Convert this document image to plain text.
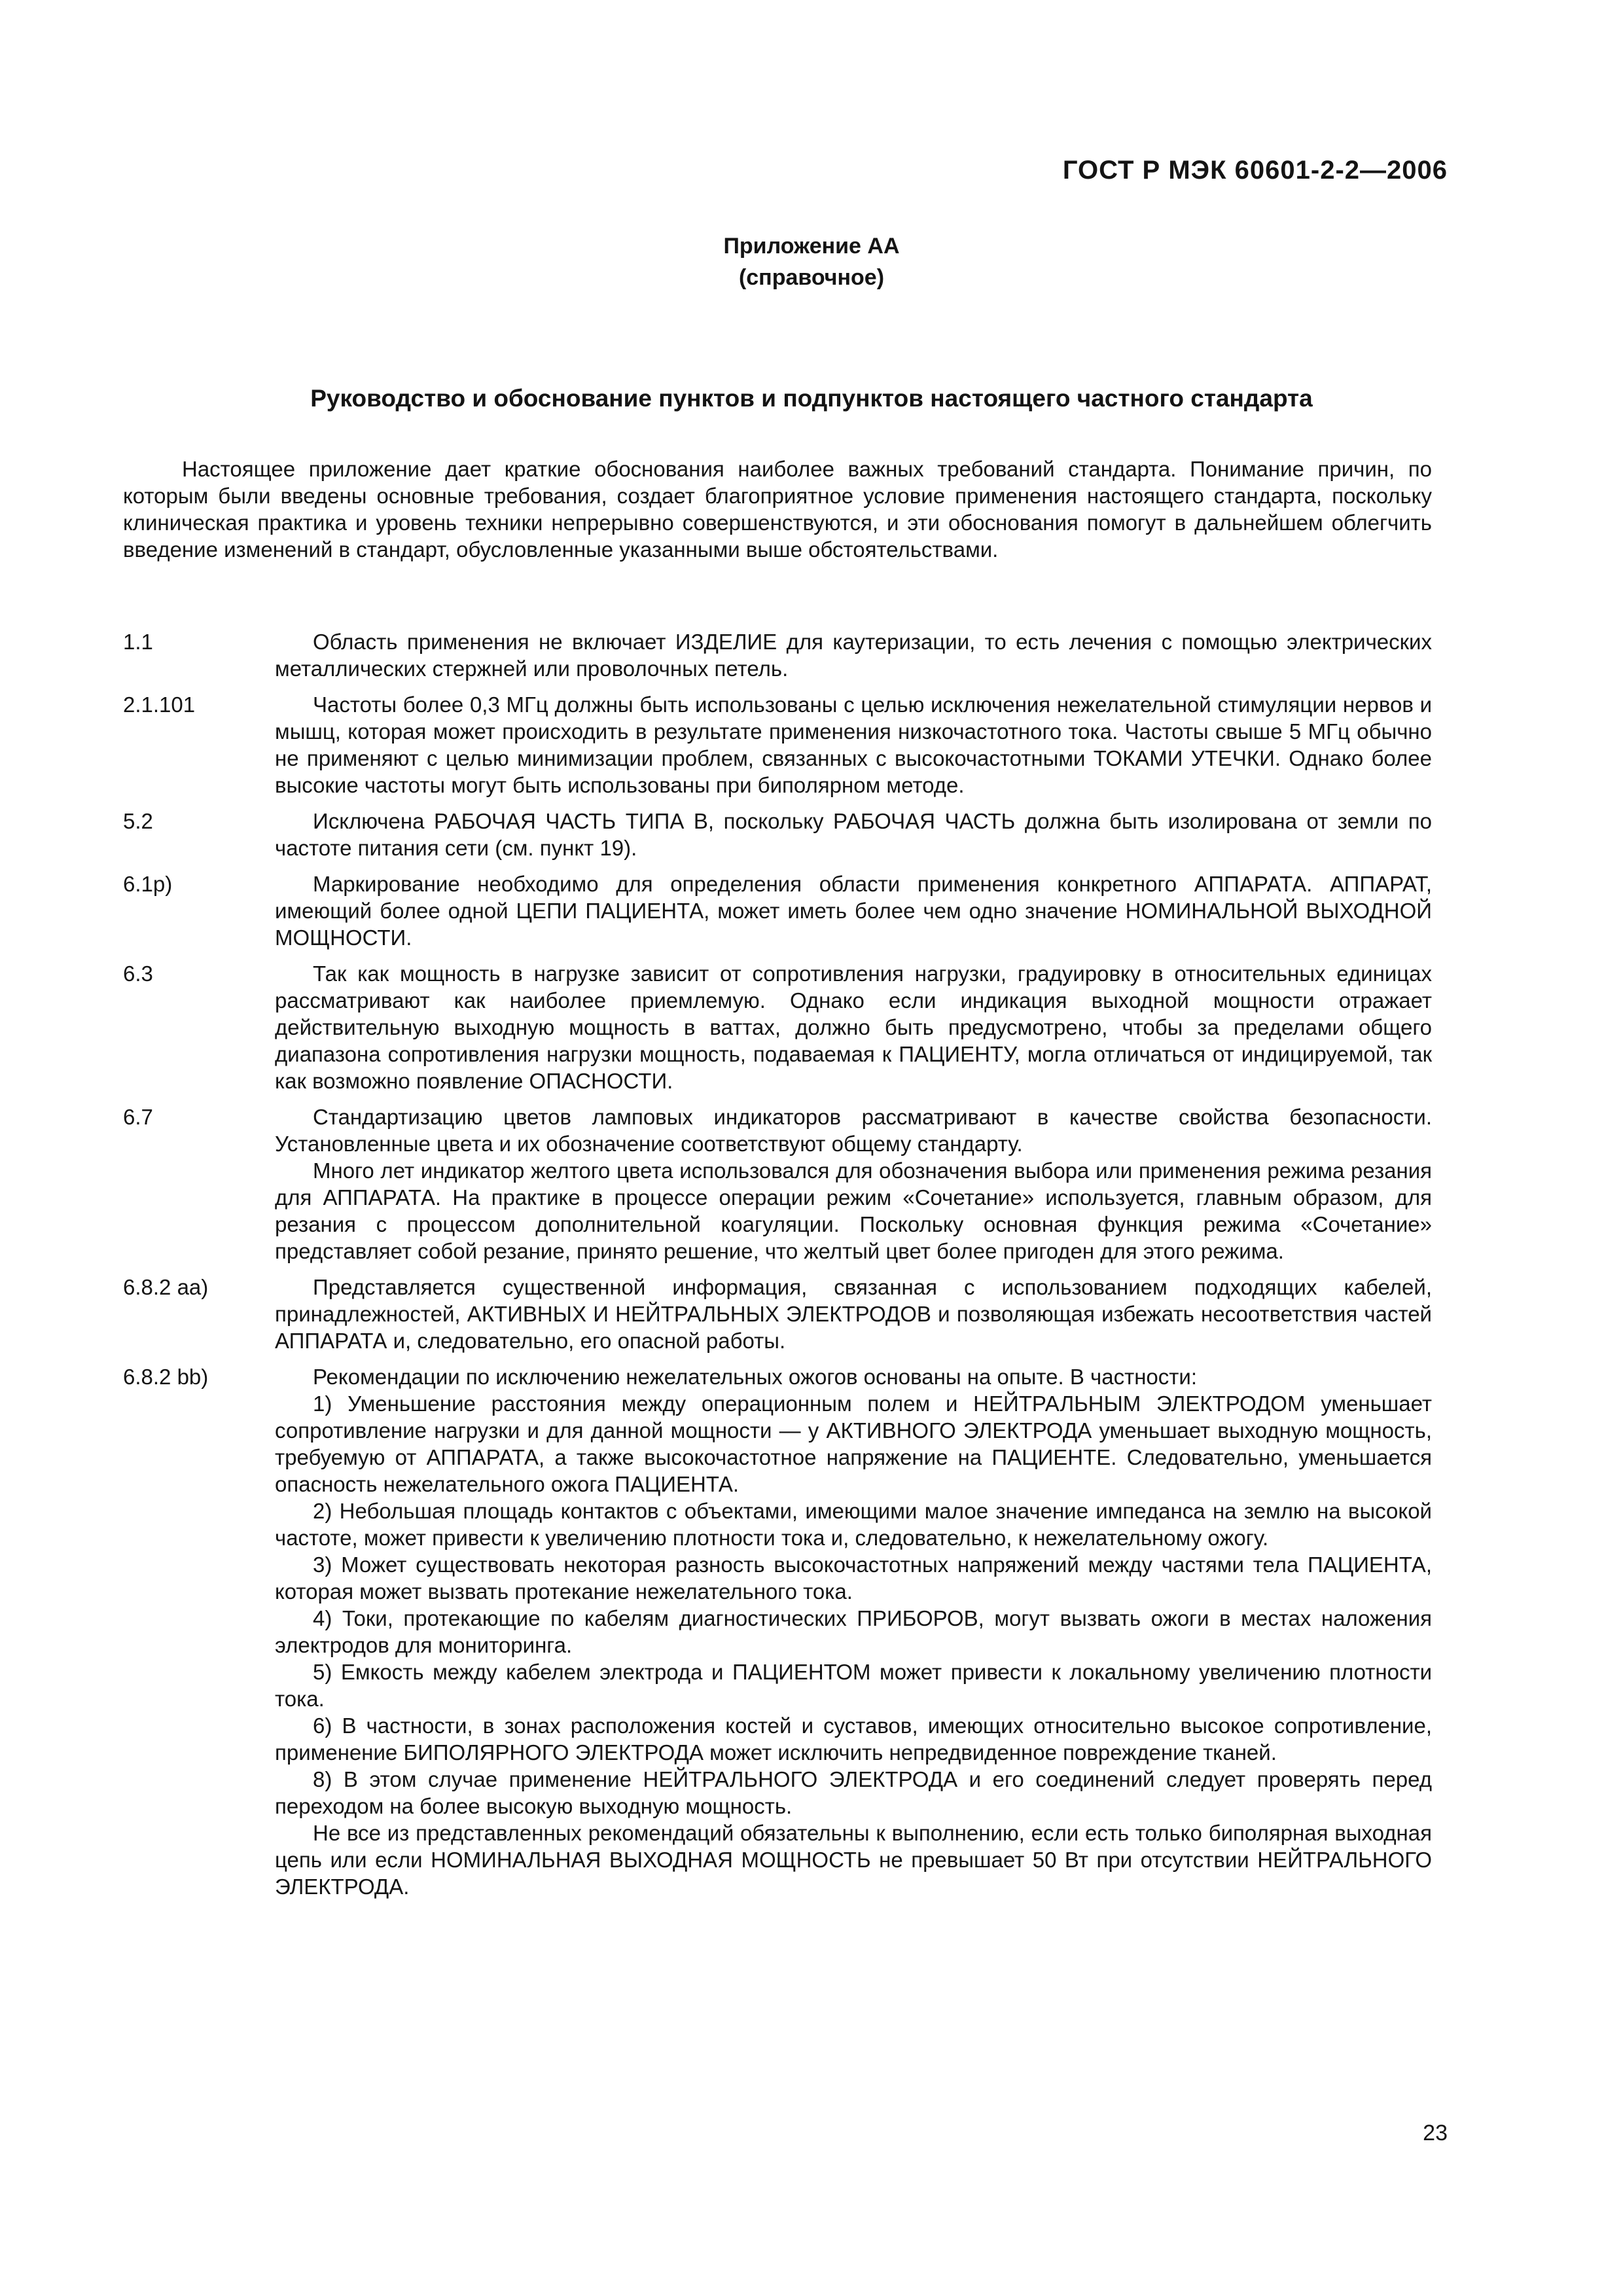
ГОСТ Р МЭК 60601-2-2—2006
Приложение АА
(справочное)
Руководство и обоснование пунктов и подпунктов настоящего частного стандарта

Настоящее приложение дает краткие обоснования наиболее важных требований стандарта. Понимание причин, по которым были введены основные требования, создает благоприятное условие применения настоящего стандарта, поскольку клиническая практика и уровень техники непрерывно совершенствуются, и эти обоснования помогут в дальнейшем облегчить введение изменений в стандарт, обусловленные указанными выше обстоятельствами.

1.1	Область применения не включает ИЗДЕЛИЕ для каутеризации, то есть лечения с помощью электрических металлических стержней или проволочных петель.

2.1.101	Частоты более 0,3 МГц должны быть использованы с целью исключения нежелательной стимуляции нервов и мышц, которая может происходить в результате применения низкочастотного тока. Частоты свыше 5 МГц обычно не применяют с целью минимизации проблем, связанных с высокочастотными ТОКАМИ УТЕЧКИ. Однако более высокие частоты могут быть использованы при биполярном методе.

5.2	Исключена РАБОЧАЯ ЧАСТЬ ТИПА В, поскольку РАБОЧАЯ ЧАСТЬ должна быть изолирована от земли по частоте питания сети (см. пункт 19).

6.1р)	Маркирование необходимо для определения области применения конкретного АППАРАТА. АППАРАТ, имеющий более одной ЦЕПИ ПАЦИЕНТА, может иметь более чем одно значение НОМИНАЛЬНОЙ ВЫХОДНОЙ МОЩНОСТИ.

6.3	Так как мощность в нагрузке зависит от сопротивления нагрузки, градуировку в относительных единицах рассматривают как наиболее приемлемую. Однако если индикация выходной мощности отражает действительную выходную мощность в ваттах, должно быть предусмотрено, чтобы за пределами общего диапазона сопротивления нагрузки мощность, подаваемая к ПАЦИЕНТУ, могла отличаться от индицируемой, так как возможно появление ОПАСНОСТИ.

6.7	Стандартизацию цветов ламповых индикаторов рассматривают в качестве свойства безопасности. Установленные цвета и их обозначение соответствуют общему стандарту.

Много лет индикатор желтого цвета использовался для обозначения выбора или применения режима резания для АППАРАТА. На практике в процессе операции режим «Сочетание» используется, главным образом, для резания с процессом дополнительной коагуляции. Поскольку основная функция режима «Сочетание» представляет собой резание, принято решение, что желтый цвет более пригоден для этого режима.

6.8.2 аа)	Представляется существенной информация, связанная с использованием подходящих кабелей, принадлежностей, АКТИВНЫХ И НЕЙТРАЛЬНЫХ ЭЛЕКТРОДОВ и позволяющая избежать несоответствия частей АППАРАТА и, следовательно, его опасной работы.

6.8.2 bb)	Рекомендации по исключению нежелательных ожогов основаны на опыте. В частности:

1) Уменьшение расстояния между операционным полем и НЕЙТРАЛЬНЫМ ЭЛЕКТРОДОМ уменьшает сопротивление нагрузки и для данной мощности — у АКТИВНОГО ЭЛЕКТРОДА уменьшает выходную мощность, требуемую от АППАРАТА, а также высокочастотное напряжение на ПАЦИЕНТЕ. Следовательно, уменьшается опасность нежелательного ожога ПАЦИЕНТА.

2) Небольшая площадь контактов с объектами, имеющими малое значение импеданса на землю на высокой частоте, может привести к увеличению плотности тока и, следовательно, к нежелательному ожогу.

3) Может существовать некоторая разность высокочастотных напряжений между частями тела ПАЦИЕНТА, которая может вызвать протекание нежелательного тока.

4) Токи, протекающие по кабелям диагностических ПРИБОРОВ, могут вызвать ожоги в местах наложения электродов для мониторинга.

5) Емкость между кабелем электрода и ПАЦИЕНТОМ может привести к локальному увеличению плотности тока.

6) В частности, в зонах расположения костей и суставов, имеющих относительно высокое сопротивление, применение БИПОЛЯРНОГО ЭЛЕКТРОДА может исключить непредвиденное повреждение тканей.

8) В этом случае применение НЕЙТРАЛЬНОГО ЭЛЕКТРОДА и его соединений следует проверять перед переходом на более высокую выходную мощность.

Не все из представленных рекомендаций обязательны к выполнению, если есть только биполярная выходная цепь или если НОМИНАЛЬНАЯ ВЫХОДНАЯ МОЩНОСТЬ не превышает 50 Вт при отсутствии НЕЙТРАЛЬНОГО ЭЛЕКТРОДА.

23
